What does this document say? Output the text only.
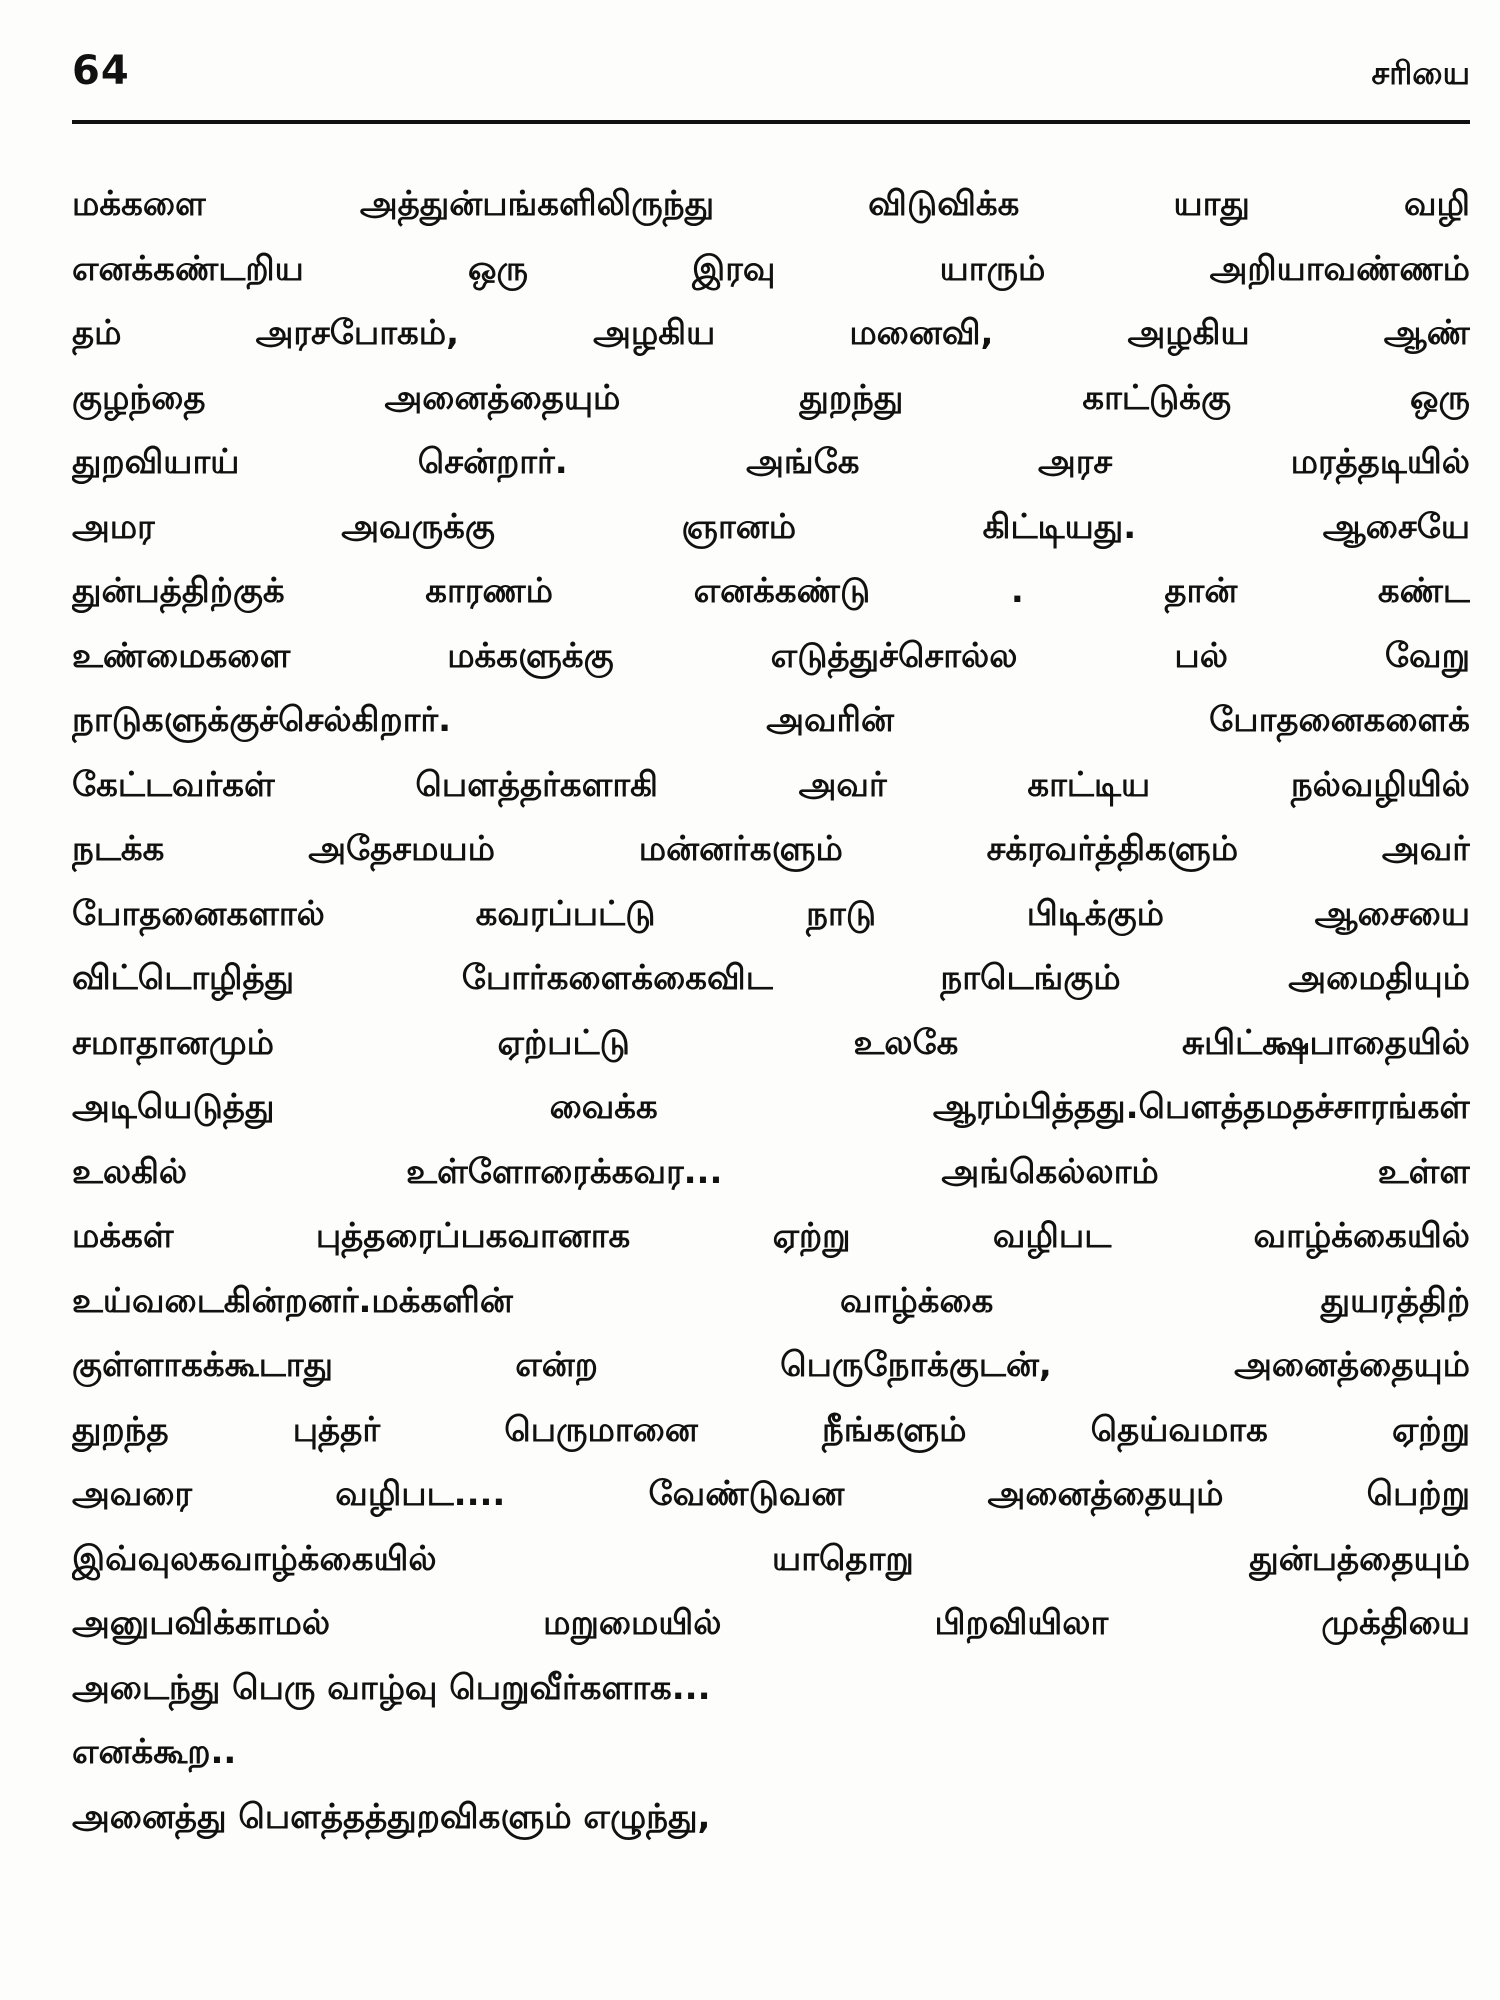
64	சரியை
மக்களை அத்துன்பங்களிலிருந்து விடுவிக்க யாது வழி
எனக்கண்டறிய ஒரு இரவு யாரும் அறியாவண்ணம்
தம் அரசபோகம், அழகிய மனைவி, அழகிய ஆண்
குழந்தை அனைத்தையும் துறந்து காட்டுக்கு ஒரு
துறவியாய் சென்றார். அங்கே அரச மரத்தடியில்
அமர அவருக்கு ஞானம் கிட்டியது. ஆசையே
துன்பத்திற்குக் காரணம் எனக்கண்டு . தான் கண்ட
உண்மைகளை மக்களுக்கு எடுத்துச்சொல்ல பல் வேறு
நாடுகளுக்குச்செல்கிறார். அவரின் போதனைகளைக்
கேட்டவர்கள் பௌத்தர்களாகி அவர் காட்டிய நல்வழியில்
நடக்க அதேசமயம் மன்னர்களும் சக்ரவர்த்திகளும் அவர்
போதனைகளால் கவரப்பட்டு நாடு பிடிக்கும் ஆசையை
விட்டொழித்து போர்களைக்கைவிட நாடெங்கும் அமைதியும்
சமாதானமும் ஏற்பட்டு உலகே சுபிட்க்ஷபாதையில்
அடியெடுத்து வைக்க ஆரம்பித்தது.பௌத்தமதச்சாரங்கள்
உலகில் உள்ளோரைக்கவர... அங்கெல்லாம் உள்ள
மக்கள் புத்தரைப்பகவானாக ஏற்று வழிபட வாழ்க்கையில்
உய்வடைகின்றனர்.மக்களின் வாழ்க்கை துயரத்திற்
குள்ளாகக்கூடாது என்ற பெருநோக்குடன், அனைத்தையும்
துறந்த புத்தர் பெருமானை நீங்களும் தெய்வமாக ஏற்று
அவரை வழிபட.... வேண்டுவன அனைத்தையும் பெற்று
இவ்வுலகவாழ்க்கையில் யாதொறு துன்பத்தையும்
அனுபவிக்காமல் மறுமையில் பிறவியிலா முக்தியை
அடைந்து பெரு வாழ்வு பெறுவீர்களாக...
எனக்கூற..
அனைத்து பௌத்தத்துறவிகளும் எழுந்து,
